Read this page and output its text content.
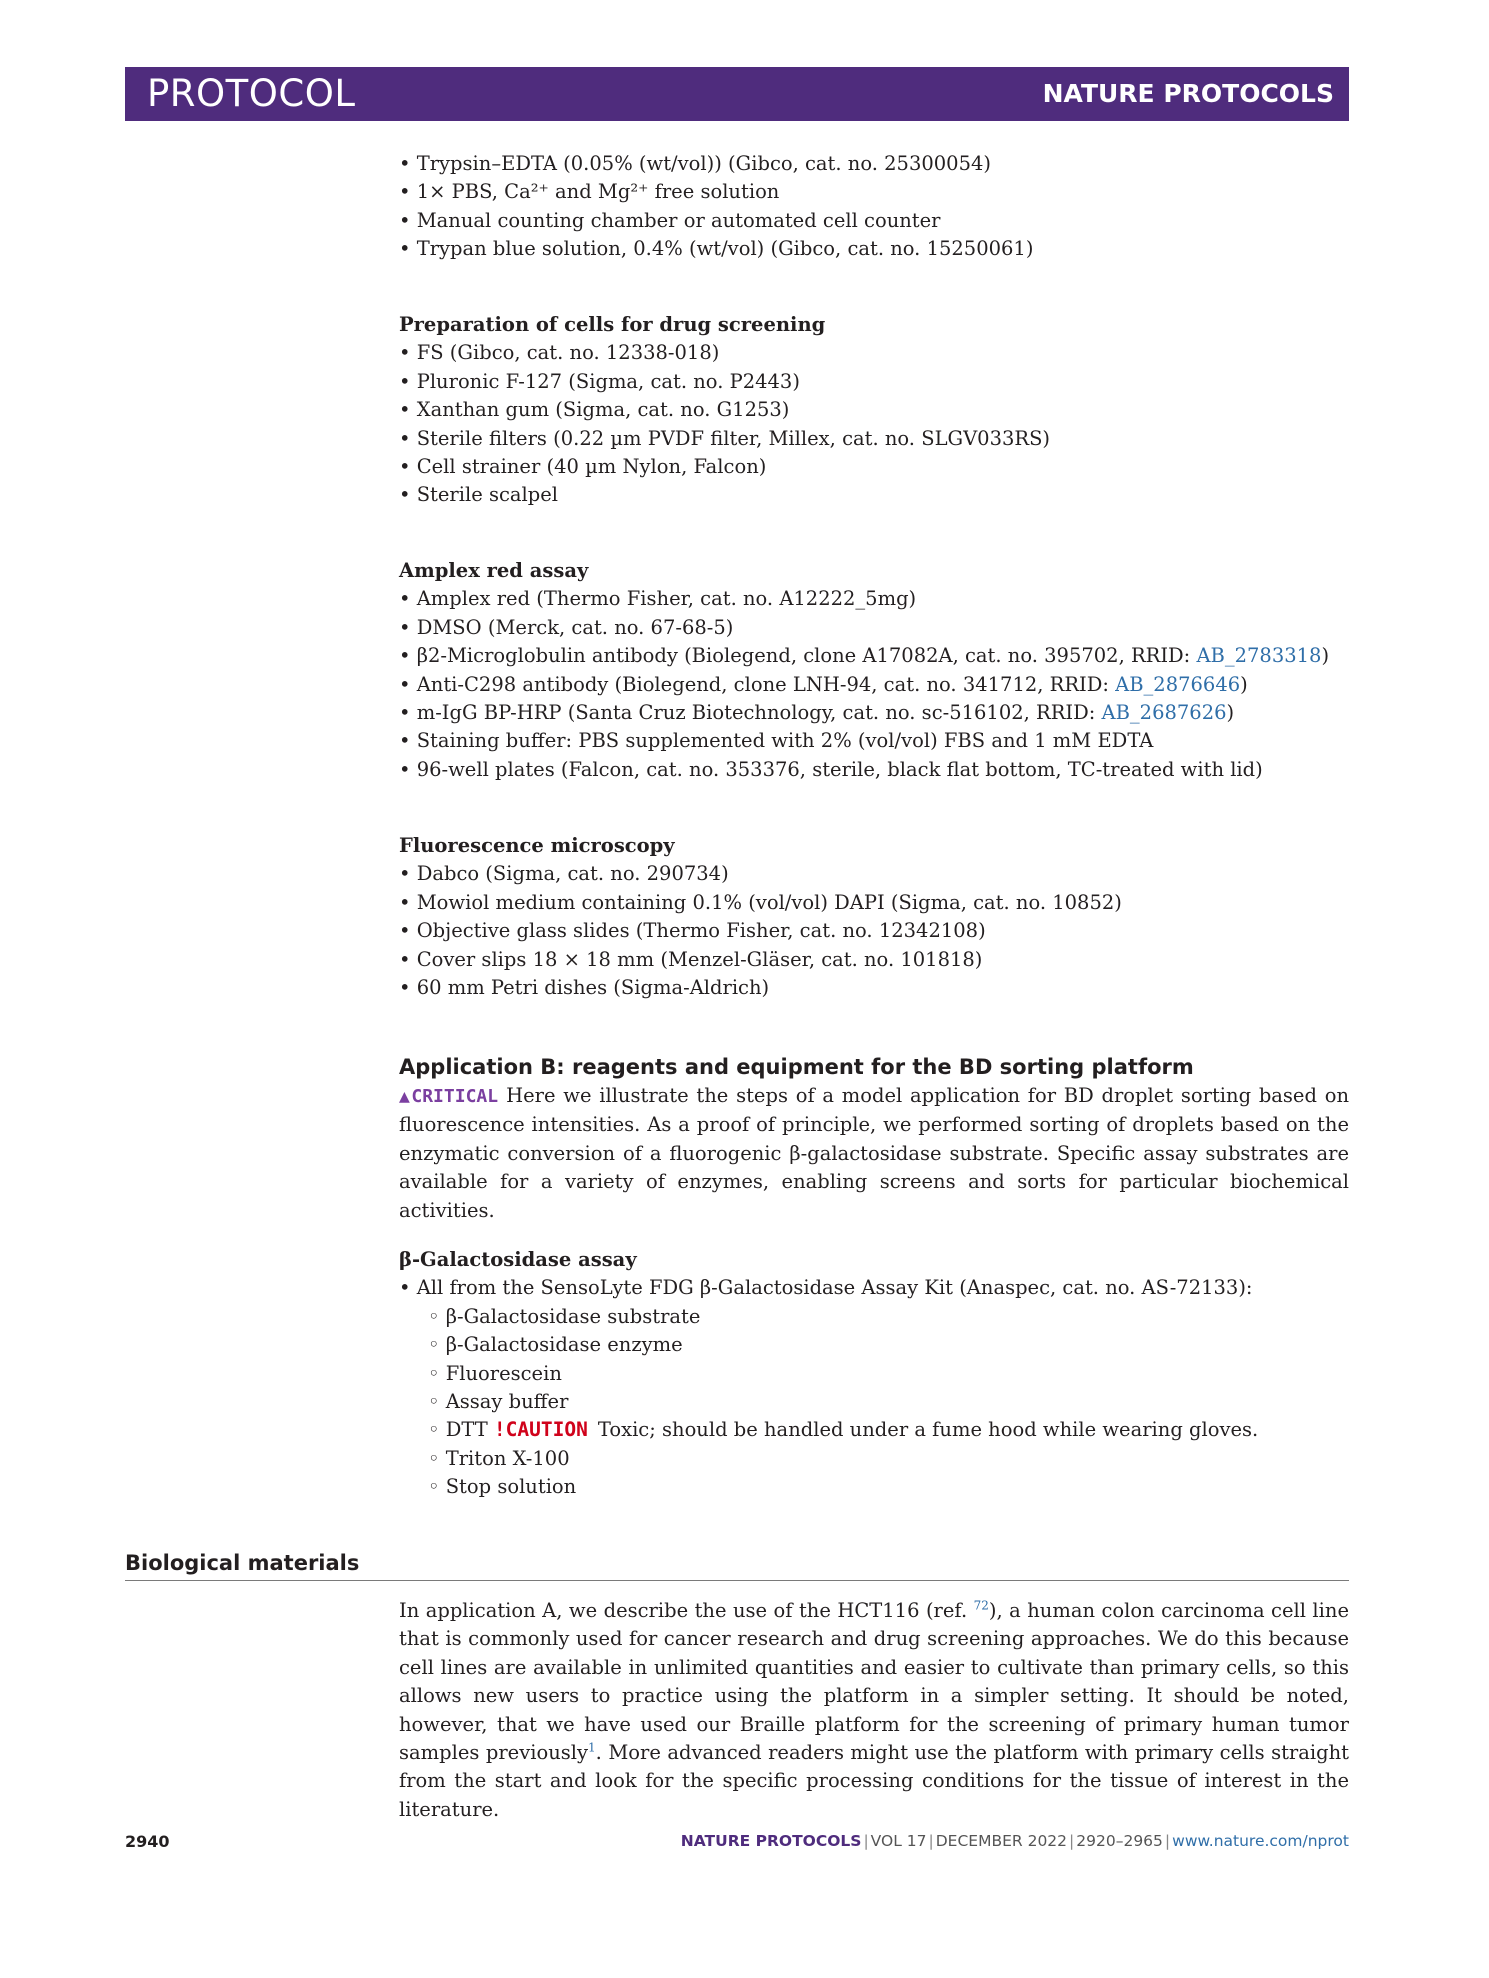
PROTOCOL	NATURE PROTOCOLS
• Trypsin–EDTA (0.05% (wt/vol)) (Gibco, cat. no. 25300054)
• 1× PBS, Ca²⁺ and Mg²⁺ free solution
• Manual counting chamber or automated cell counter
• Trypan blue solution, 0.4% (wt/vol) (Gibco, cat. no. 15250061)
Preparation of cells for drug screening
• FS (Gibco, cat. no. 12338-018)
• Pluronic F-127 (Sigma, cat. no. P2443)
• Xanthan gum (Sigma, cat. no. G1253)
• Sterile filters (0.22 µm PVDF filter, Millex, cat. no. SLGV033RS)
• Cell strainer (40 µm Nylon, Falcon)
• Sterile scalpel
Amplex red assay
• Amplex red (Thermo Fisher, cat. no. A12222_5mg)
• DMSO (Merck, cat. no. 67-68-5)
• β2-Microglobulin antibody (Biolegend, clone A17082A, cat. no. 395702, RRID: AB_2783318)
• Anti-C298 antibody (Biolegend, clone LNH-94, cat. no. 341712, RRID: AB_2876646)
• m-IgG BP-HRP (Santa Cruz Biotechnology, cat. no. sc-516102, RRID: AB_2687626)
• Staining buffer: PBS supplemented with 2% (vol/vol) FBS and 1 mM EDTA
• 96-well plates (Falcon, cat. no. 353376, sterile, black flat bottom, TC-treated with lid)
Fluorescence microscopy
• Dabco (Sigma, cat. no. 290734)
• Mowiol medium containing 0.1% (vol/vol) DAPI (Sigma, cat. no. 10852)
• Objective glass slides (Thermo Fisher, cat. no. 12342108)
• Cover slips 18 × 18 mm (Menzel-Gläser, cat. no. 101818)
• 60 mm Petri dishes (Sigma-Aldrich)
Application B: reagents and equipment for the BD sorting platform

▲CRITICAL Here we illustrate the steps of a model application for BD droplet sorting based on fluorescence intensities. As a proof of principle, we performed sorting of droplets based on the enzymatic conversion of a fluorogenic β-galactosidase substrate. Specific assay substrates are available for a variety of enzymes, enabling screens and sorts for particular biochemical activities.

β-Galactosidase assay
• All from the SensoLyte FDG β-Galactosidase Assay Kit (Anaspec, cat. no. AS-72133):
◦ β-Galactosidase substrate
◦ β-Galactosidase enzyme
◦ Fluorescein
◦ Assay buffer
◦ DTT !CAUTION Toxic; should be handled under a fume hood while wearing gloves.
◦ Triton X-100
◦ Stop solution
Biological materials

In application A, we describe the use of the HCT116 (ref. $^{72}$), a human colon carcinoma cell line that is commonly used for cancer research and drug screening approaches. We do this because cell lines are available in unlimited quantities and easier to cultivate than primary cells, so this allows new users to practice using the platform in a simpler setting. It should be noted, however, that we have used our Braille platform for the screening of primary human tumor samples previously$^1$. More advanced readers might use the platform with primary cells straight from the start and look for the specific processing conditions for the tissue of interest in the literature.

2940	NATURE PROTOCOLS | VOL 17 | DECEMBER 2022 | 2920–2965 | www.nature.com/nprot
